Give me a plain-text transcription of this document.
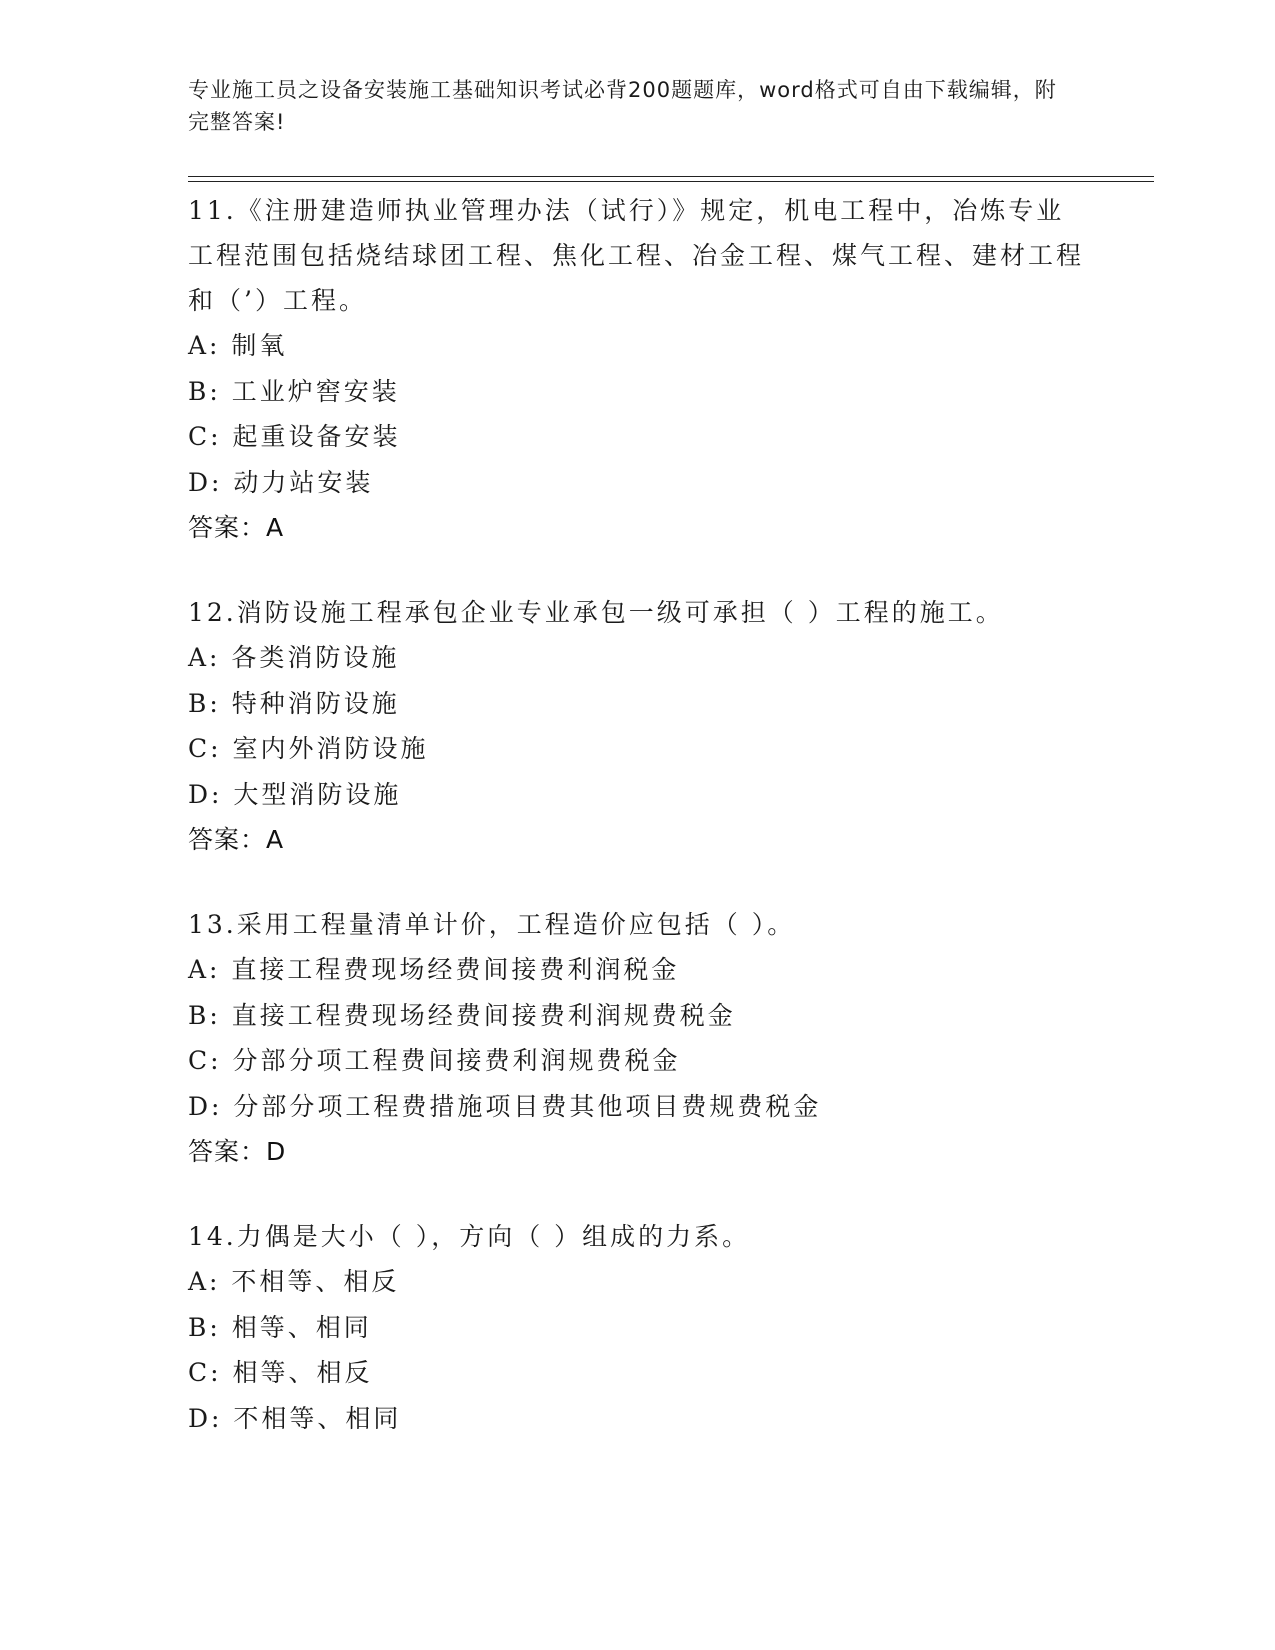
专业施工员之设备安装施工基础知识考试必背200题题库，word格式可自由下载编辑，附完整答案!
11.《注册建造师执业管理办法（试行）》规定，机电工程中，冶炼专业工程范围包括烧结球团工程、焦化工程、冶金工程、煤气工程、建材工程和（’）工程。
A: 制氧
B: 工业炉窖安装
C: 起重设备安装
D: 动力站安装
答案：A
12.消防设施工程承包企业专业承包一级可承担（ ）工程的施工。
A: 各类消防设施
B: 特种消防设施
C: 室内外消防设施
D: 大型消防设施
答案：A
13.采用工程量清单计价，工程造价应包括（ ）。
A: 直接工程费现场经费间接费利润税金
B: 直接工程费现场经费间接费利润规费税金
C: 分部分项工程费间接费利润规费税金
D: 分部分项工程费措施项目费其他项目费规费税金
答案：D
14.力偶是大小（ ），方向（ ）组成的力系。
A: 不相等、相反
B: 相等、相同
C: 相等、相反
D: 不相等、相同
